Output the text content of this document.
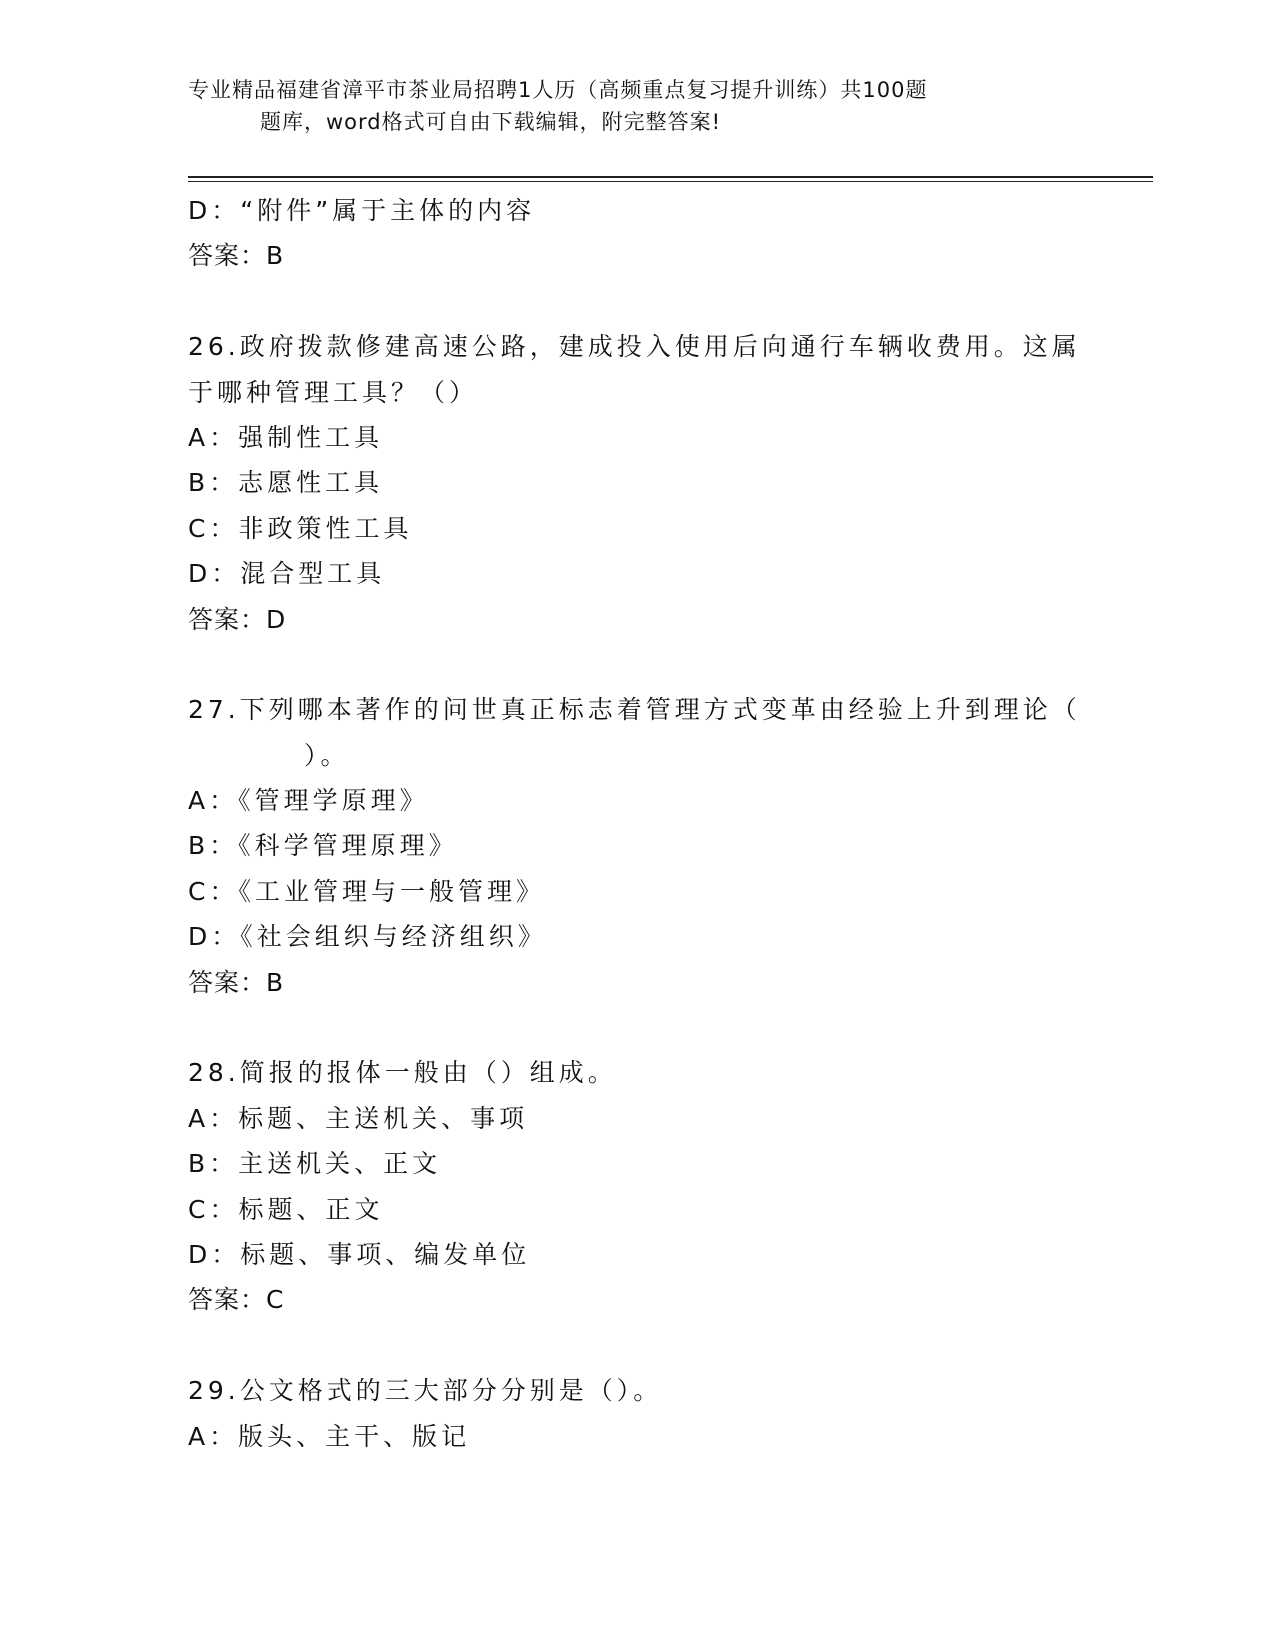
专业精品福建省漳平市茶业局招聘1人历（高频重点复习提升训练）共100题
题库，word格式可自由下载编辑，附完整答案!
D：“附件”属于主体的内容
答案：B
26.政府拨款修建高速公路，建成投入使用后向通行车辆收费用。这属
于哪种管理工具？（）
A：强制性工具
B：志愿性工具
C：非政策性工具
D：混合型工具
答案：D
27.下列哪本著作的问世真正标志着管理方式变革由经验上升到理论（
）。
A：《管理学原理》
B：《科学管理原理》
C：《工业管理与一般管理》
D：《社会组织与经济组织》
答案：B
28.简报的报体一般由（）组成。
A：标题、主送机关、事项
B：主送机关、正文
C：标题、正文
D：标题、事项、编发单位
答案：C
29.公文格式的三大部分分别是（）。
A：版头、主干、版记
